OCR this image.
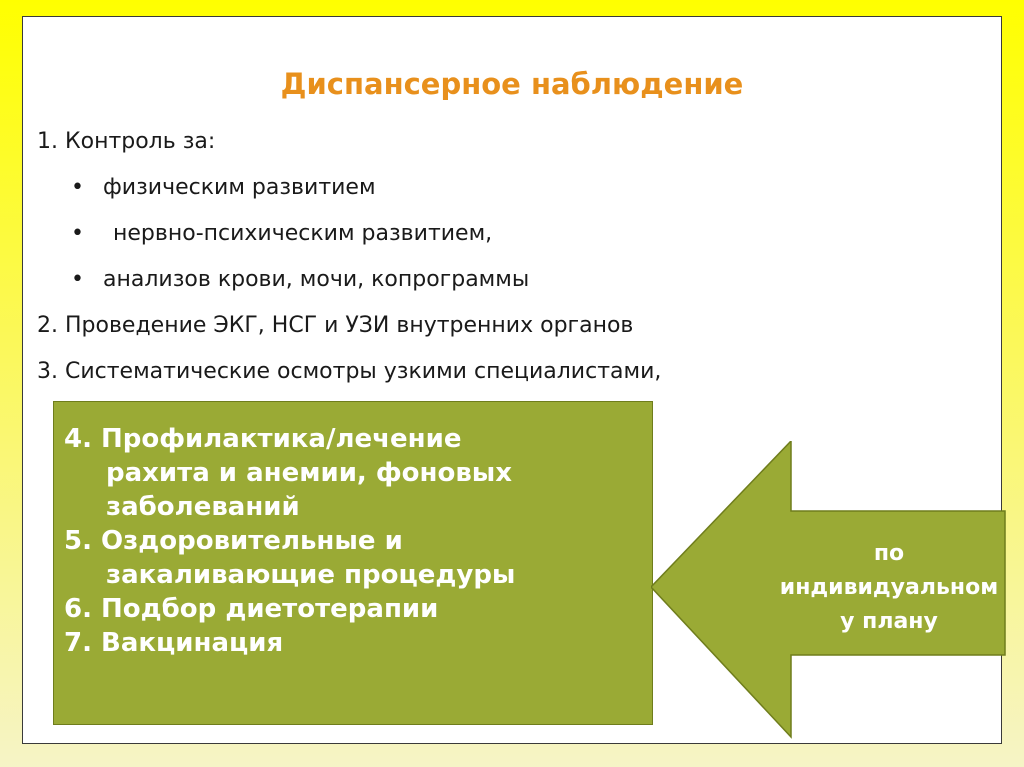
Диспансерное наблюдение
1. Контроль за:
• физическим развитием
• нервно-психическим развитием,
• анализов крови, мочи, копрограммы
2. Проведение ЭКГ, НСГ и УЗИ внутренних органов
3. Систематические осмотры узкими специалистами,
4. Профилактика/лечение
рахита и анемии, фоновых
заболеваний
5. Оздоровительные и
закаливающие процедуры
6. Подбор диетотерапии
7. Вакцинация
по
индивидуальном
у плану
